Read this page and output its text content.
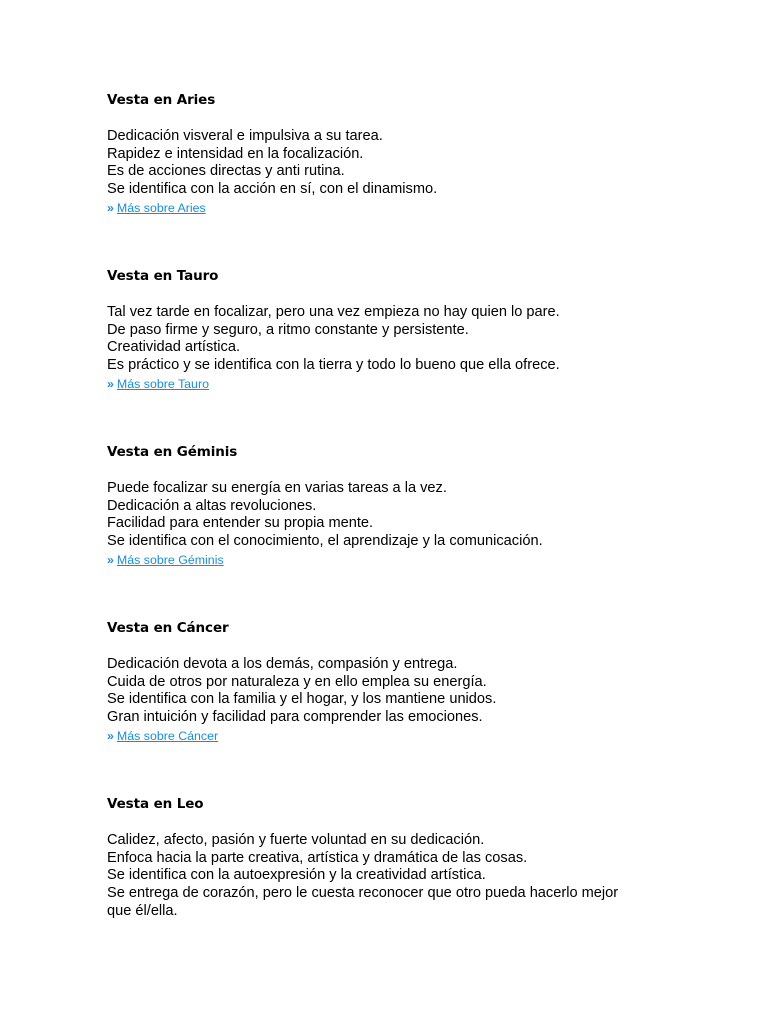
Vesta en Aries
Dedicación visveral e impulsiva a su tarea.
Rapidez e intensidad en la focalización.
Es de acciones directas y anti rutina.
Se identifica con la acción en sí, con el dinamismo.
» Más sobre Aries
Vesta en Tauro
Tal vez tarde en focalizar, pero una vez empieza no hay quien lo pare.
De paso firme y seguro, a ritmo constante y persistente.
Creatividad artística.
Es práctico y se identifica con la tierra y todo lo bueno que ella ofrece.
» Más sobre Tauro
Vesta en Géminis
Puede focalizar su energía en varias tareas a la vez.
Dedicación a altas revoluciones.
Facilidad para entender su propia mente.
Se identifica con el conocimiento, el aprendizaje y la comunicación.
» Más sobre Géminis
Vesta en Cáncer
Dedicación devota a los demás, compasión y entrega.
Cuida de otros por naturaleza y en ello emplea su energía.
Se identifica con la familia y el hogar, y los mantiene unidos.
Gran intuición y facilidad para comprender las emociones.
» Más sobre Cáncer
Vesta en Leo
Calidez, afecto, pasión y fuerte voluntad en su dedicación.
Enfoca hacia la parte creativa, artística y dramática de las cosas.
Se identifica con la autoexpresión y la creatividad artística.
Se entrega de corazón, pero le cuesta reconocer que otro pueda hacerlo mejor
que él/ella.
